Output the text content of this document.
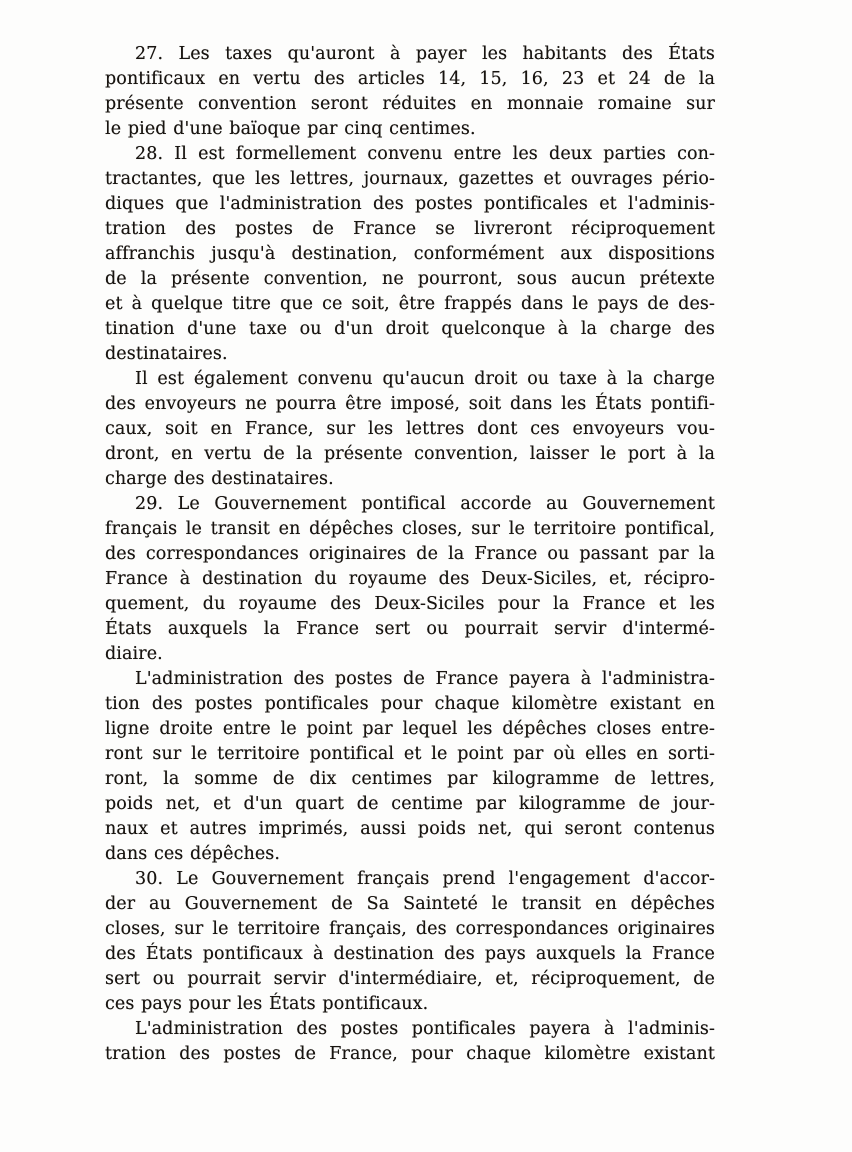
27. Les taxes qu'auront à payer les habitants des États
pontificaux en vertu des articles 14, 15, 16, 23 et 24 de la
présente convention seront réduites en monnaie romaine sur
le pied d'une baïoque par cinq centimes.
28. Il est formellement convenu entre les deux parties con-
tractantes, que les lettres, journaux, gazettes et ouvrages pério-
diques que l'administration des postes pontificales et l'adminis-
tration des postes de France se livreront réciproquement
affranchis jusqu'à destination, conformément aux dispositions
de la présente convention, ne pourront, sous aucun prétexte
et à quelque titre que ce soit, être frappés dans le pays de des-
tination d'une taxe ou d'un droit quelconque à la charge des
destinataires.
Il est également convenu qu'aucun droit ou taxe à la charge
des envoyeurs ne pourra être imposé, soit dans les États pontifi-
caux, soit en France, sur les lettres dont ces envoyeurs vou-
dront, en vertu de la présente convention, laisser le port à la
charge des destinataires.
29. Le Gouvernement pontifical accorde au Gouvernement
français le transit en dépêches closes, sur le territoire pontifical,
des correspondances originaires de la France ou passant par la
France à destination du royaume des Deux-Siciles, et, récipro-
quement, du royaume des Deux-Siciles pour la France et les
États auxquels la France sert ou pourrait servir d'intermé-
diaire.
L'administration des postes de France payera à l'administra-
tion des postes pontificales pour chaque kilomètre existant en
ligne droite entre le point par lequel les dépêches closes entre-
ront sur le territoire pontifical et le point par où elles en sorti-
ront, la somme de dix centimes par kilogramme de lettres,
poids net, et d'un quart de centime par kilogramme de jour-
naux et autres imprimés, aussi poids net, qui seront contenus
dans ces dépêches.
30. Le Gouvernement français prend l'engagement d'accor-
der au Gouvernement de Sa Sainteté le transit en dépêches
closes, sur le territoire français, des correspondances originaires
des États pontificaux à destination des pays auxquels la France
sert ou pourrait servir d'intermédiaire, et, réciproquement, de
ces pays pour les États pontificaux.
L'administration des postes pontificales payera à l'adminis-
tration des postes de France, pour chaque kilomètre existant
